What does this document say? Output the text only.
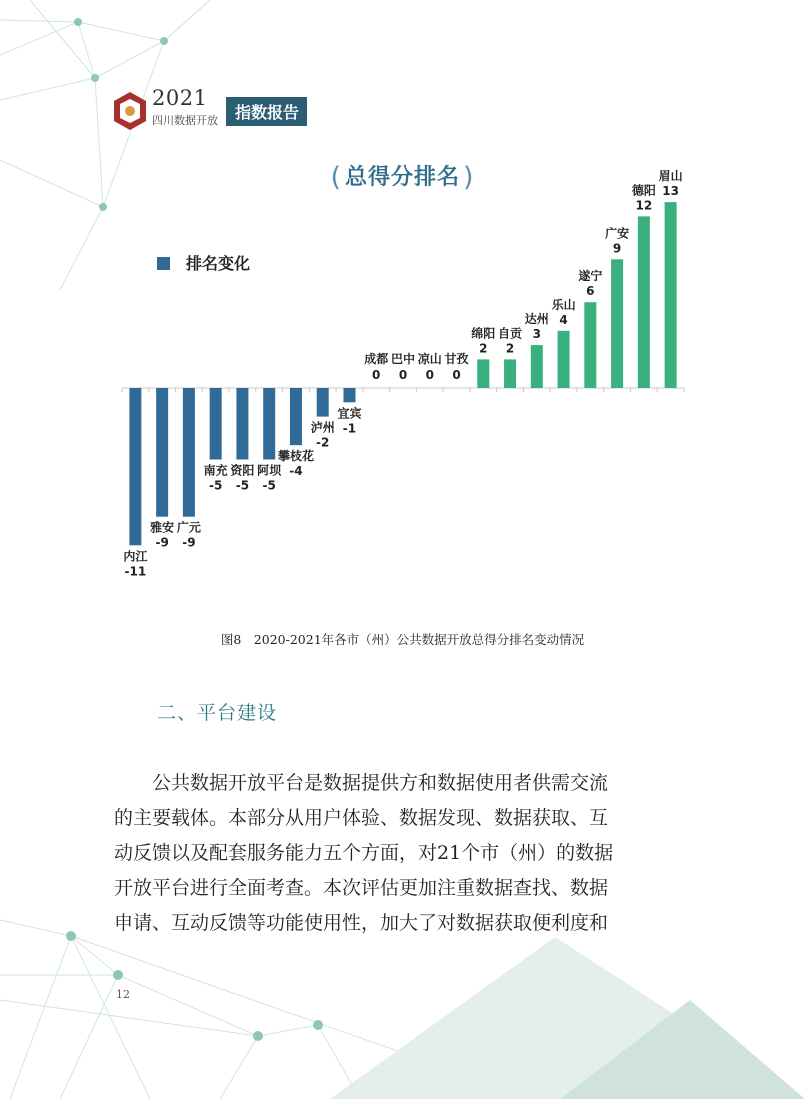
2021
四川数据开放	指数报告
( 总得分排名 )
排名变化
内江
-11
雅安
-9
广元
-9
南充
-5
资阳
-5
阿坝
-5
攀枝花
-4
泸州
-2
宜宾
-1
成都
0
巴中
0
凉山
0
甘孜
0
绵阳
2
自贡
2
达州
3
乐山
4
遂宁
6
广安
9
德阳
12
眉山
13
图8　2020-2021年各市（州）公共数据开放总得分排名变动情况
二、平台建设

　　公共数据开放平台是数据提供方和数据使用者供需交流

的主要载体。本部分从用户体验、数据发现、数据获取、互

动反馈以及配套服务能力五个方面，对21个市（州）的数据

开放平台进行全面考查。本次评估更加注重数据查找、数据

申请、互动反馈等功能使用性，加大了对数据获取便利度和

12
